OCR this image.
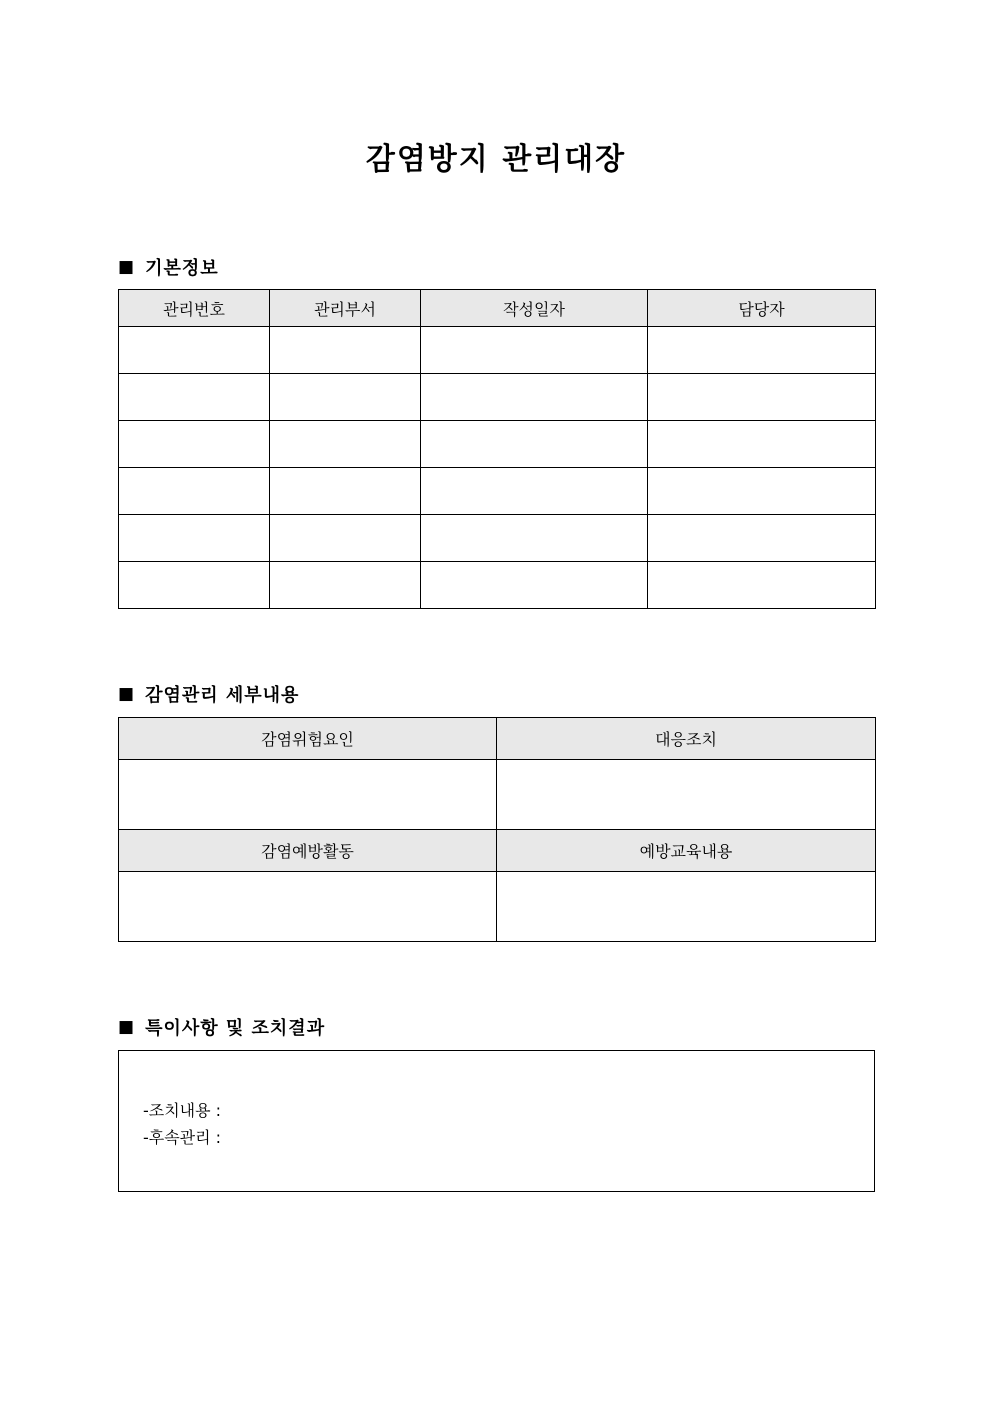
감염방지 관리대장
■ 기본정보
관리번호	관리부서	작성일자	담당자

■ 감염관리 세부내용
감염위험요인	대응조치

감염예방활동	예방교육내용

■ 특이사항 및 조치결과
-조치내용 :
-후속관리 :
